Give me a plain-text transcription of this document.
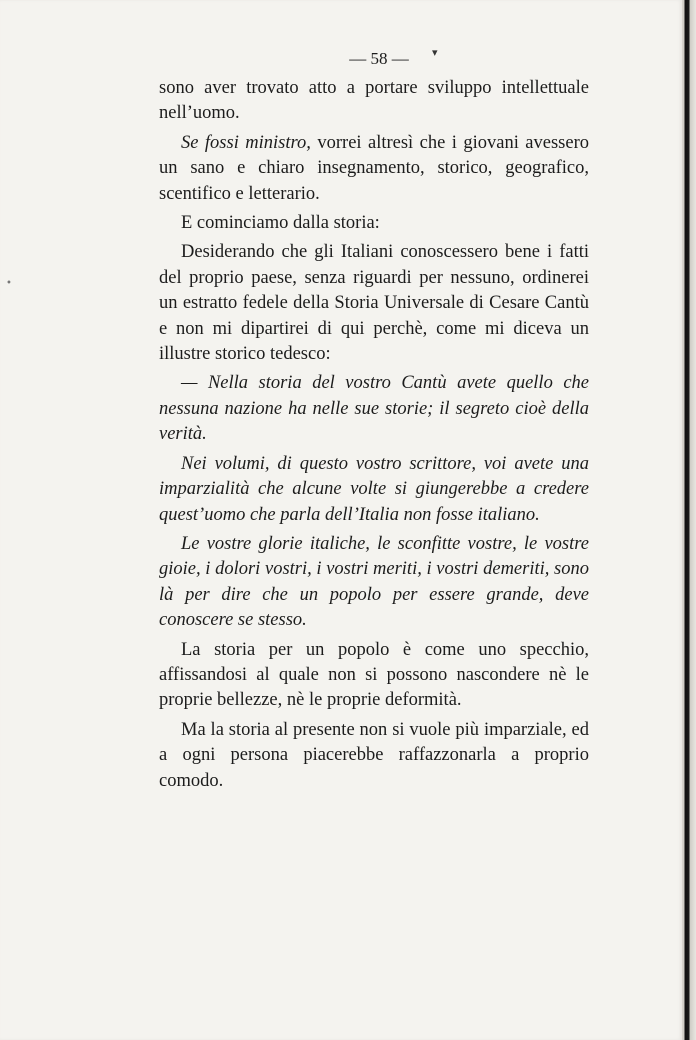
▾
•
— 58 —

sono aver trovato atto a portare sviluppo intellettuale nell’uomo.

Se fossi ministro, vorrei altresì che i giovani avessero un sano e chiaro insegnamento, storico, geografico, scentifico e letterario.

E cominciamo dalla storia:

Desiderando che gli Italiani conoscessero bene i fatti del proprio paese, senza riguardi per nessuno, ordinerei un estratto fedele della Storia Universale di Cesare Cantù e non mi dipartirei di qui perchè, come mi diceva un illustre storico tedesco:

— Nella storia del vostro Cantù avete quello che nessuna nazione ha nelle sue storie; il segreto cioè della verità.

Nei volumi, di questo vostro scrittore, voi avete una imparzialità che alcune volte si giungerebbe a credere quest’uomo che parla dell’Italia non fosse italiano.

Le vostre glorie italiche, le sconfitte vostre, le vostre gioie, i dolori vostri, i vostri meriti, i vostri demeriti, sono là per dire che un popolo per essere grande, deve conoscere se stesso.

La storia per un popolo è come uno specchio, affissandosi al quale non si possono nascondere nè le proprie bellezze, nè le proprie deformità.

Ma la storia al presente non si vuole più imparziale, ed a ogni persona piacerebbe raffazzonarla a proprio comodo.
